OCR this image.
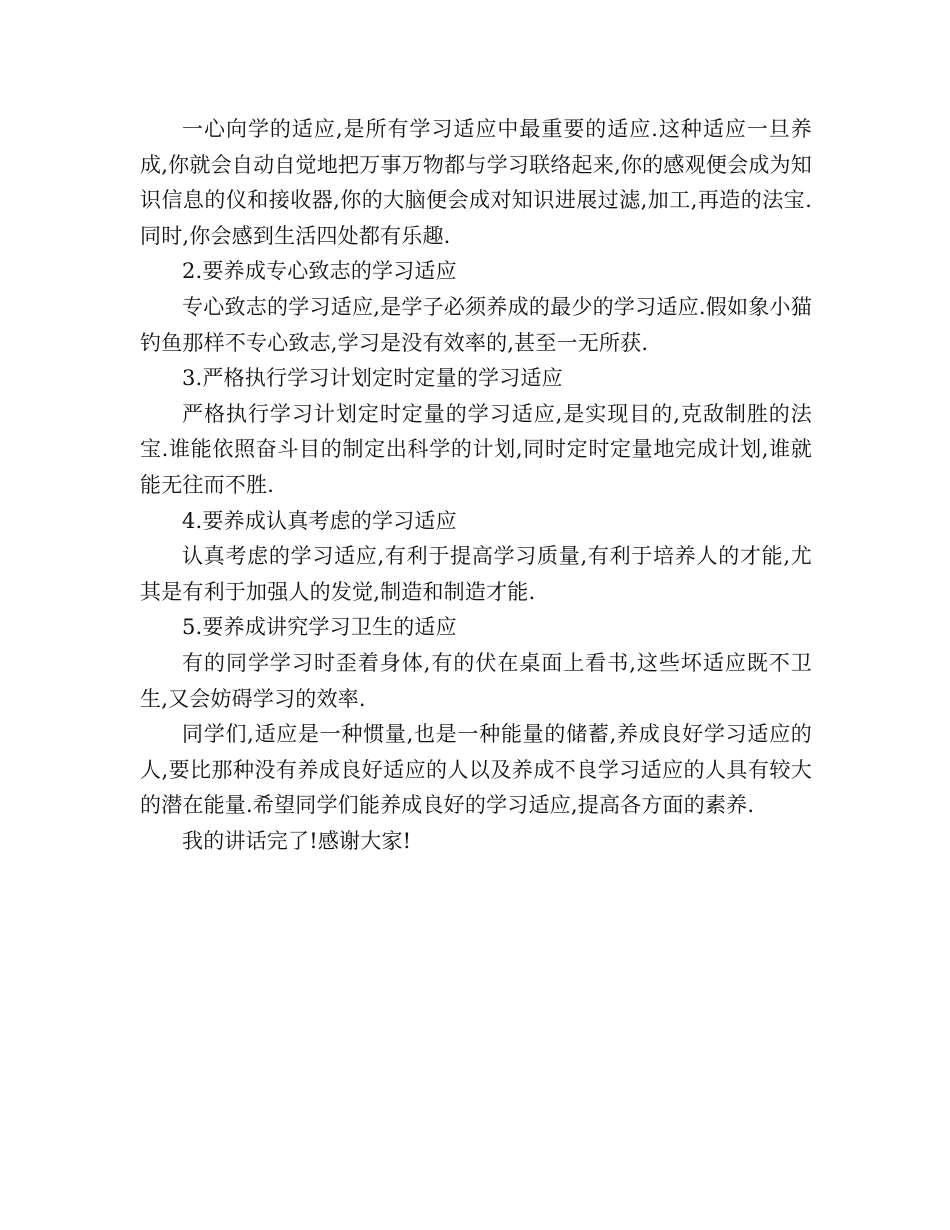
一心向学的适应,是所有学习适应中最重要的适应.这种适应一旦养成,你就会自动自觉地把万事万物都与学习联络起来,你的感观便会成为知识信息的仪和接收器,你的大脑便会成对知识进展过滤,加工,再造的法宝.同时,你会感到生活四处都有乐趣.

2.要养成专心致志的学习适应

专心致志的学习适应,是学子必须养成的最少的学习适应.假如象小猫钓鱼那样不专心致志,学习是没有效率的,甚至一无所获.

3.严格执行学习计划定时定量的学习适应

严格执行学习计划定时定量的学习适应,是实现目的,克敌制胜的法宝.谁能依照奋斗目的制定出科学的计划,同时定时定量地完成计划,谁就能无往而不胜.

4.要养成认真考虑的学习适应

认真考虑的学习适应,有利于提高学习质量,有利于培养人的才能,尤其是有利于加强人的发觉,制造和制造才能.

5.要养成讲究学习卫生的适应

有的同学学习时歪着身体,有的伏在桌面上看书,这些坏适应既不卫生,又会妨碍学习的效率.

同学们,适应是一种惯量,也是一种能量的储蓄,养成良好学习适应的人,要比那种没有养成良好适应的人以及养成不良学习适应的人具有较大的潜在能量.希望同学们能养成良好的学习适应,提高各方面的素养.

我的讲话完了!感谢大家!
